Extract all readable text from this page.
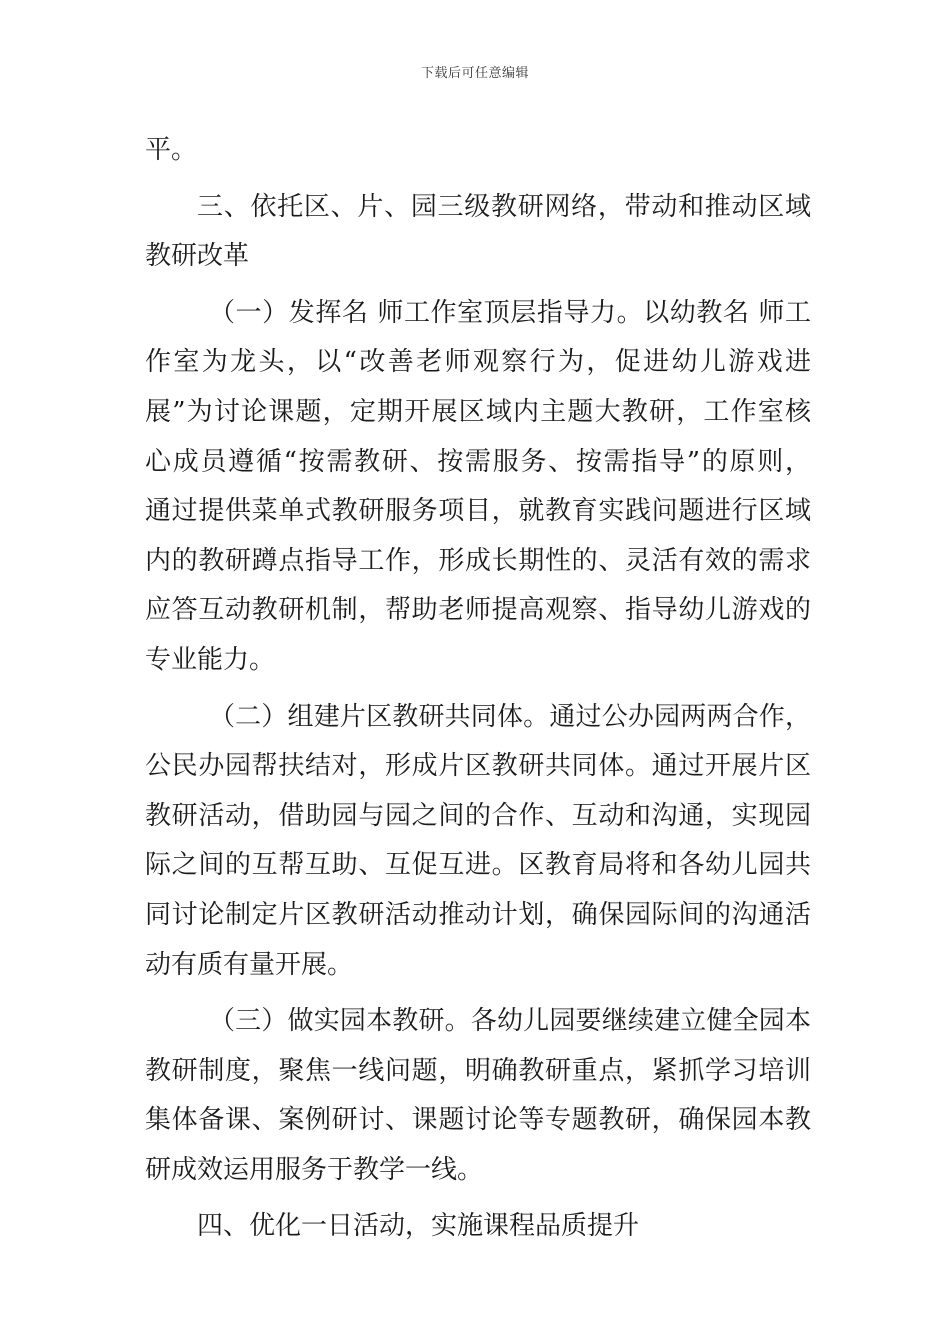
下载后可任意编辑
平。
三、依托区、片、园三级教研网络，带动和推动区域
教研改革
（一）发挥名 师工作室顶层指导力。以幼教名 师工
作室为龙头，以“改善老师观察行为，促进幼儿游戏进
展”为讨论课题，定期开展区域内主题大教研，工作室核
心成员遵循“按需教研、按需服务、按需指导”的原则，
通过提供菜单式教研服务项目，就教育实践问题进行区域
内的教研蹲点指导工作，形成长期性的、灵活有效的需求
应答互动教研机制，帮助老师提高观察、指导幼儿游戏的
专业能力。
（二）组建片区教研共同体。通过公办园两两合作，
公民办园帮扶结对，形成片区教研共同体。通过开展片区
教研活动，借助园与园之间的合作、互动和沟通，实现园
际之间的互帮互助、互促互进。区教育局将和各幼儿园共
同讨论制定片区教研活动推动计划，确保园际间的沟通活
动有质有量开展。
（三）做实园本教研。各幼儿园要继续建立健全园本
教研制度，聚焦一线问题，明确教研重点，紧抓学习培训
集体备课、案例研讨、课题讨论等专题教研，确保园本教
研成效运用服务于教学一线。
四、优化一日活动，实施课程品质提升
